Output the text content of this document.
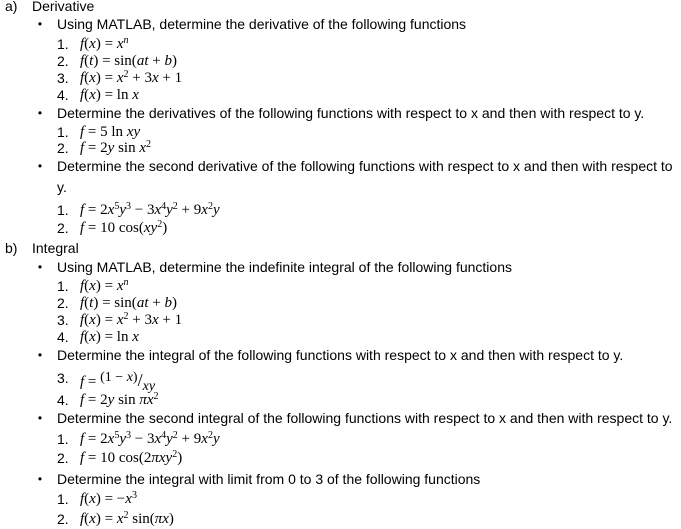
a) Derivative
• Using MATLAB, determine the derivative of the following functions
1. $f(x) = x^n$
2. f(t) = sin(at + b)
3. $f(x) = x^2 + 3x + 1$
4. f(x) = ln x
• Determine the derivatives of the following functions with respect to x and then with respect to y.
1. f = 5 ln xy
2. f = 2y $\sin x^2$
• Determine the second derivative of the following functions with respect to x and then with respect to
y.
1. $f = 2x^5y^3 - 3x^4y^2 + 9x^2y$
2. f = 10 $\cos(xy^2)$
b) Integral
• Using MATLAB, determine the indefinite integral of the following functions
1. $f(x) = x^n$
2. f(t) = sin(at + b)
3. $f(x) = x^2 + 3x + 1$
4. f(x) = ln x
• Determine the integral of the following functions with respect to x and then with respect to y.
3. f = (1 − x)/xy
4. f = 2y $\sin \pi x^2$
• Determine the second integral of the following functions with respect to x and then with respect to y.
1. $f = 2x^5y^3 - 3x^4y^2 + 9x^2y$
2. f = 10 cos(2πxy$^2$)
• Determine the integral with limit from 0 to 3 of the following functions
1. $f(x) = -x^3$
2. $f(x) = x^2$ sin(πx)
